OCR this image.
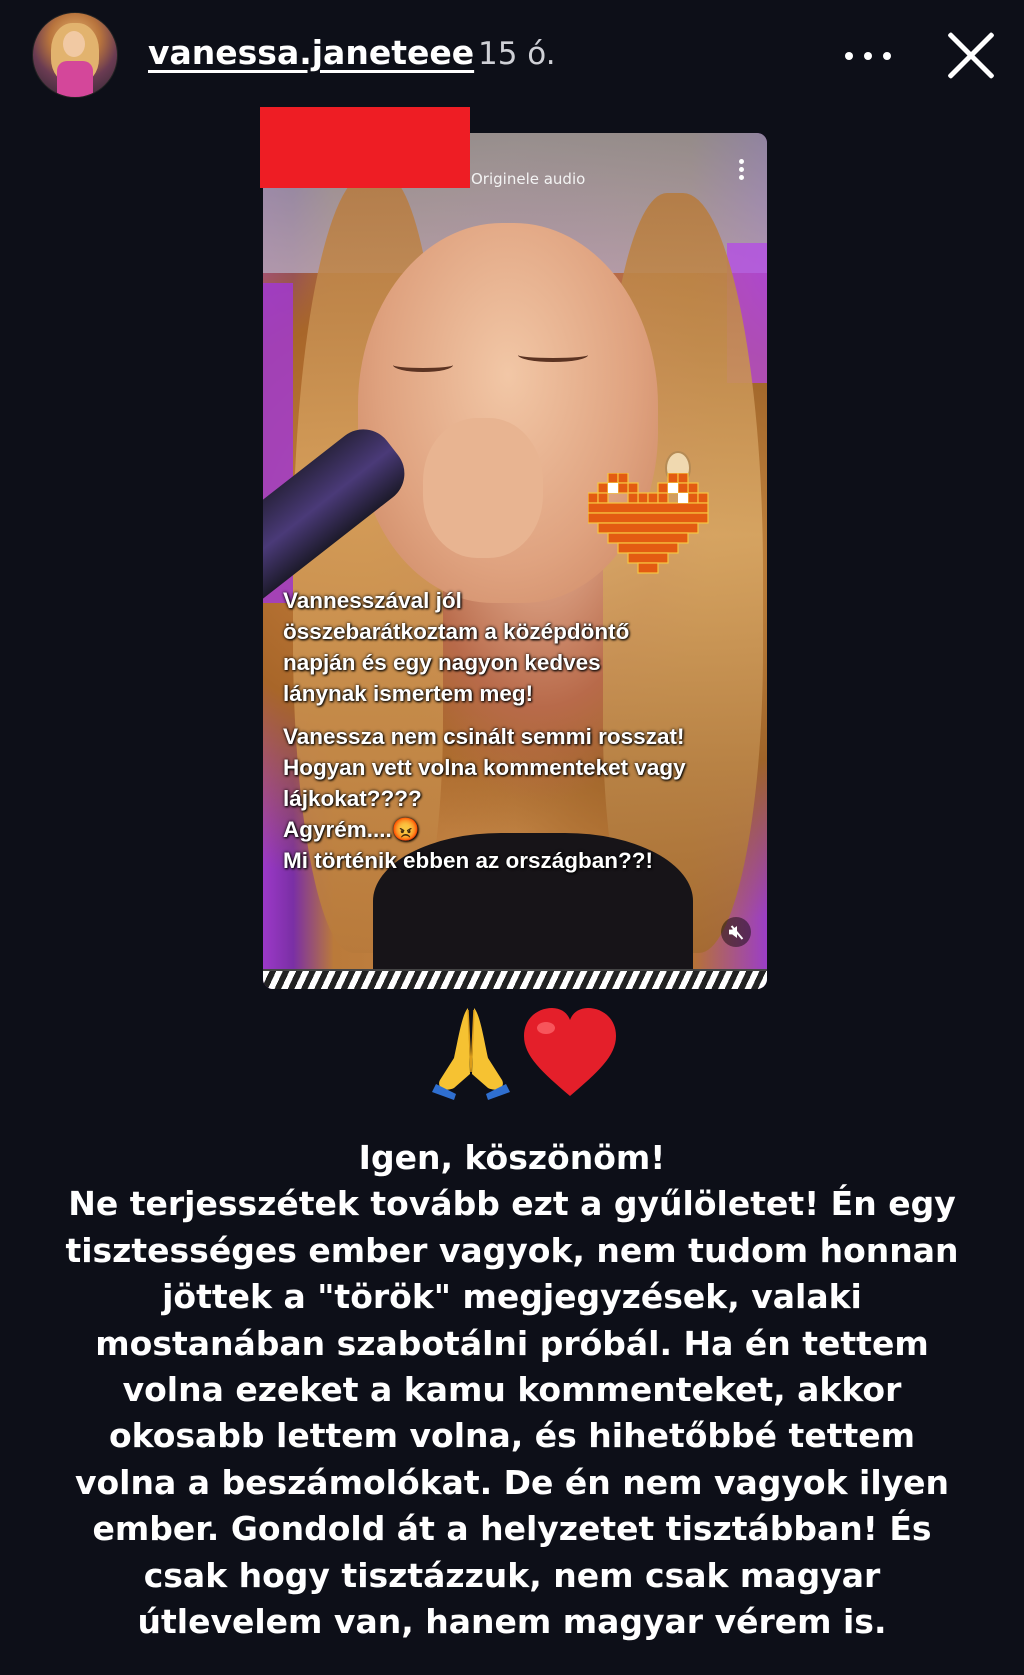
vanessa.janeteee 15 ó.
Originele audio

Vannesszával jól

összebarátkoztam a középdöntő

napján és egy nagyon kedves

lánynak ismertem meg!

Vanessza nem csinált semmi rosszat!

Hogyan vett volna kommenteket vagy

lájkokat????

Agyrém....😡

Mi történik ebben az országban??!

Igen, köszönöm!

Ne terjesszétek tovább ezt a gyűlöletet! Én egy

tisztességes ember vagyok, nem tudom honnan

jöttek a "török" megjegyzések, valaki

mostanában szabotálni próbál. Ha én tettem

volna ezeket a kamu kommenteket, akkor

okosabb lettem volna, és hihetőbbé tettem

volna a beszámolókat. De én nem vagyok ilyen

ember. Gondold át a helyzetet tisztábban! És

csak hogy tisztázzuk, nem csak magyar

útlevelem van, hanem magyar vérem is.
